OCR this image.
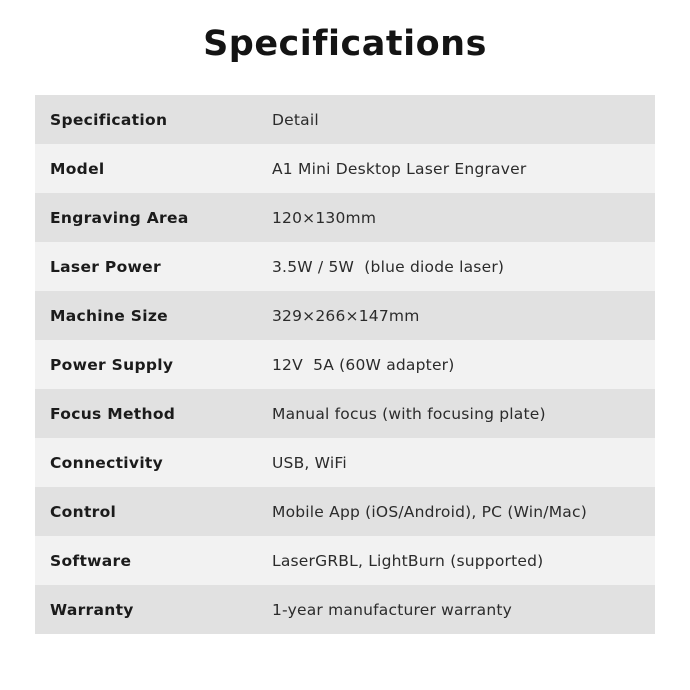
Specifications
Specification	Detail
Model	A1 Mini Desktop Laser Engraver
Engraving Area	120×130mm
Laser Power	3.5W / 5W  (blue diode laser)
Machine Size	329×266×147mm
Power Supply	12V  5A (60W adapter)
Focus Method	Manual focus (with focusing plate)
Connectivity	USB, WiFi
Control	Mobile App (iOS/Android), PC (Win/Mac)
Software	LaserGRBL, LightBurn (supported)
Warranty	1-year manufacturer warranty
